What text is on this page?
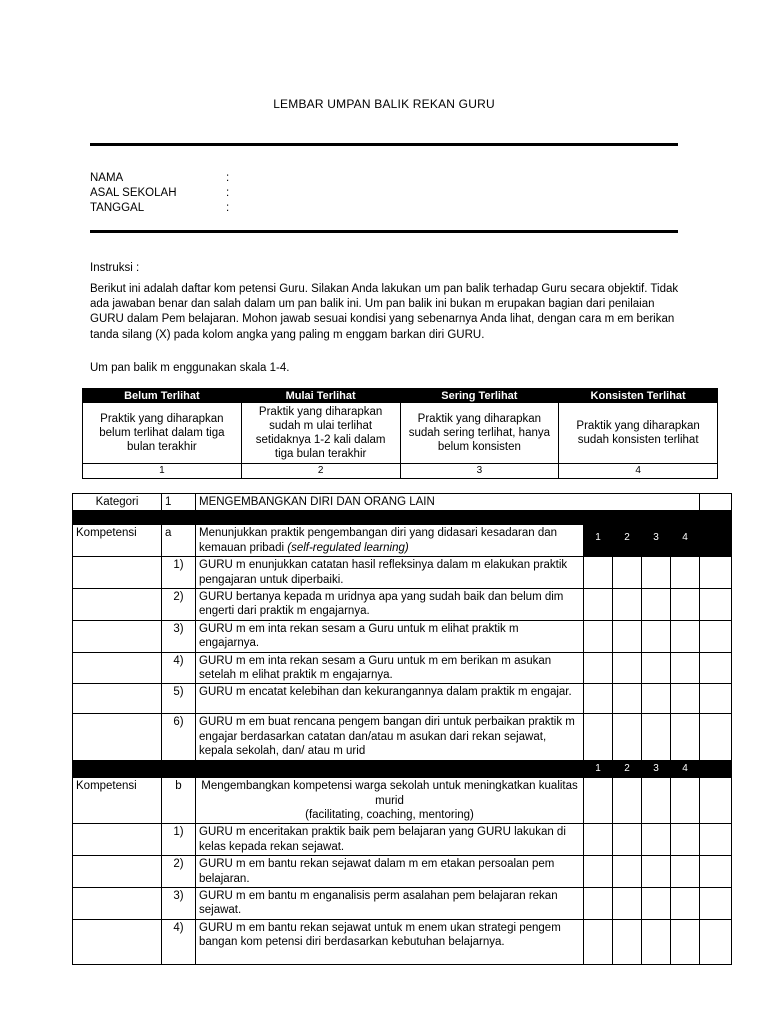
LEMBAR UMPAN BALIK REKAN GURU
NAMA	:
ASAL SEKOLAH	:
TANGGAL	:
Instruksi :
Berikut ini adalah daftar kom petensi Guru. Silakan Anda lakukan um pan balik terhadap Guru secara objektif. Tidak ada jawaban benar dan salah dalam um pan balik ini. Um pan balik ini bukan m erupakan bagian dari penilaian GURU dalam Pem belajaran. Mohon jawab sesuai kondisi yang sebenarnya Anda lihat, dengan cara m em berikan tanda silang (X) pada kolom angka yang paling m enggam barkan diri GURU.
Um pan balik m enggunakan skala 1-4.
Belum Terlihat	Mulai Terlihat	Sering Terlihat	Konsisten Terlihat
Praktik yang diharapkan belum terlihat dalam tiga bulan terakhir	Praktik yang diharapkan sudah m ulai terlihat setidaknya 1-2 kali dalam tiga bulan terakhir	Praktik yang diharapkan sudah sering terlihat, hanya belum konsisten	Praktik yang diharapkan sudah konsisten terlihat
1	2	3	4
Kategori	1	MENGEMBANGKAN DIRI DAN ORANG LAIN					

Kompetensi	a	Menunjukkan praktik pengembangan diri yang didasari kesadaran dan kemauan pribadi (self-regulated learning)	1	2	3	4	
	1)	GURU m enunjukkan catatan hasil refleksinya dalam m elakukan praktik pengajaran untuk diperbaiki.					
	2)	GURU bertanya kepada m uridnya apa yang sudah baik dan belum dim engerti dari praktik m engajarnya.					
	3)	GURU m em inta rekan sesam a Guru untuk m elihat praktik m engajarnya.					
	4)	GURU m em inta rekan sesam a Guru untuk m em berikan m asukan setelah m elihat praktik m engajarnya.					
	5)	GURU m encatat kelebihan dan kekurangannya dalam praktik m engajar.					
	6)	GURU m em buat rencana pengem bangan diri untuk perbaikan praktik m engajar berdasarkan catatan dan/atau m asukan dari rekan sejawat, kepala sekolah, dan/ atau m urid					
			1	2	3	4	
Kompetensi	b	Mengembangkan kompetensi warga sekolah untuk meningkatkan kualitas murid
(facilitating, coaching, mentoring)					

	1)	GURU m enceritakan praktik baik pem belajaran yang GURU lakukan di kelas kepada rekan sejawat.					
	2)	GURU m em bantu rekan sejawat dalam m em etakan persoalan pem belajaran.					
	3)	GURU m em bantu m enganalisis perm asalahan pem belajaran rekan sejawat.					
	4)	GURU m em bantu rekan sejawat untuk m enem ukan strategi pengem bangan kom petensi diri berdasarkan kebutuhan belajarnya.					
